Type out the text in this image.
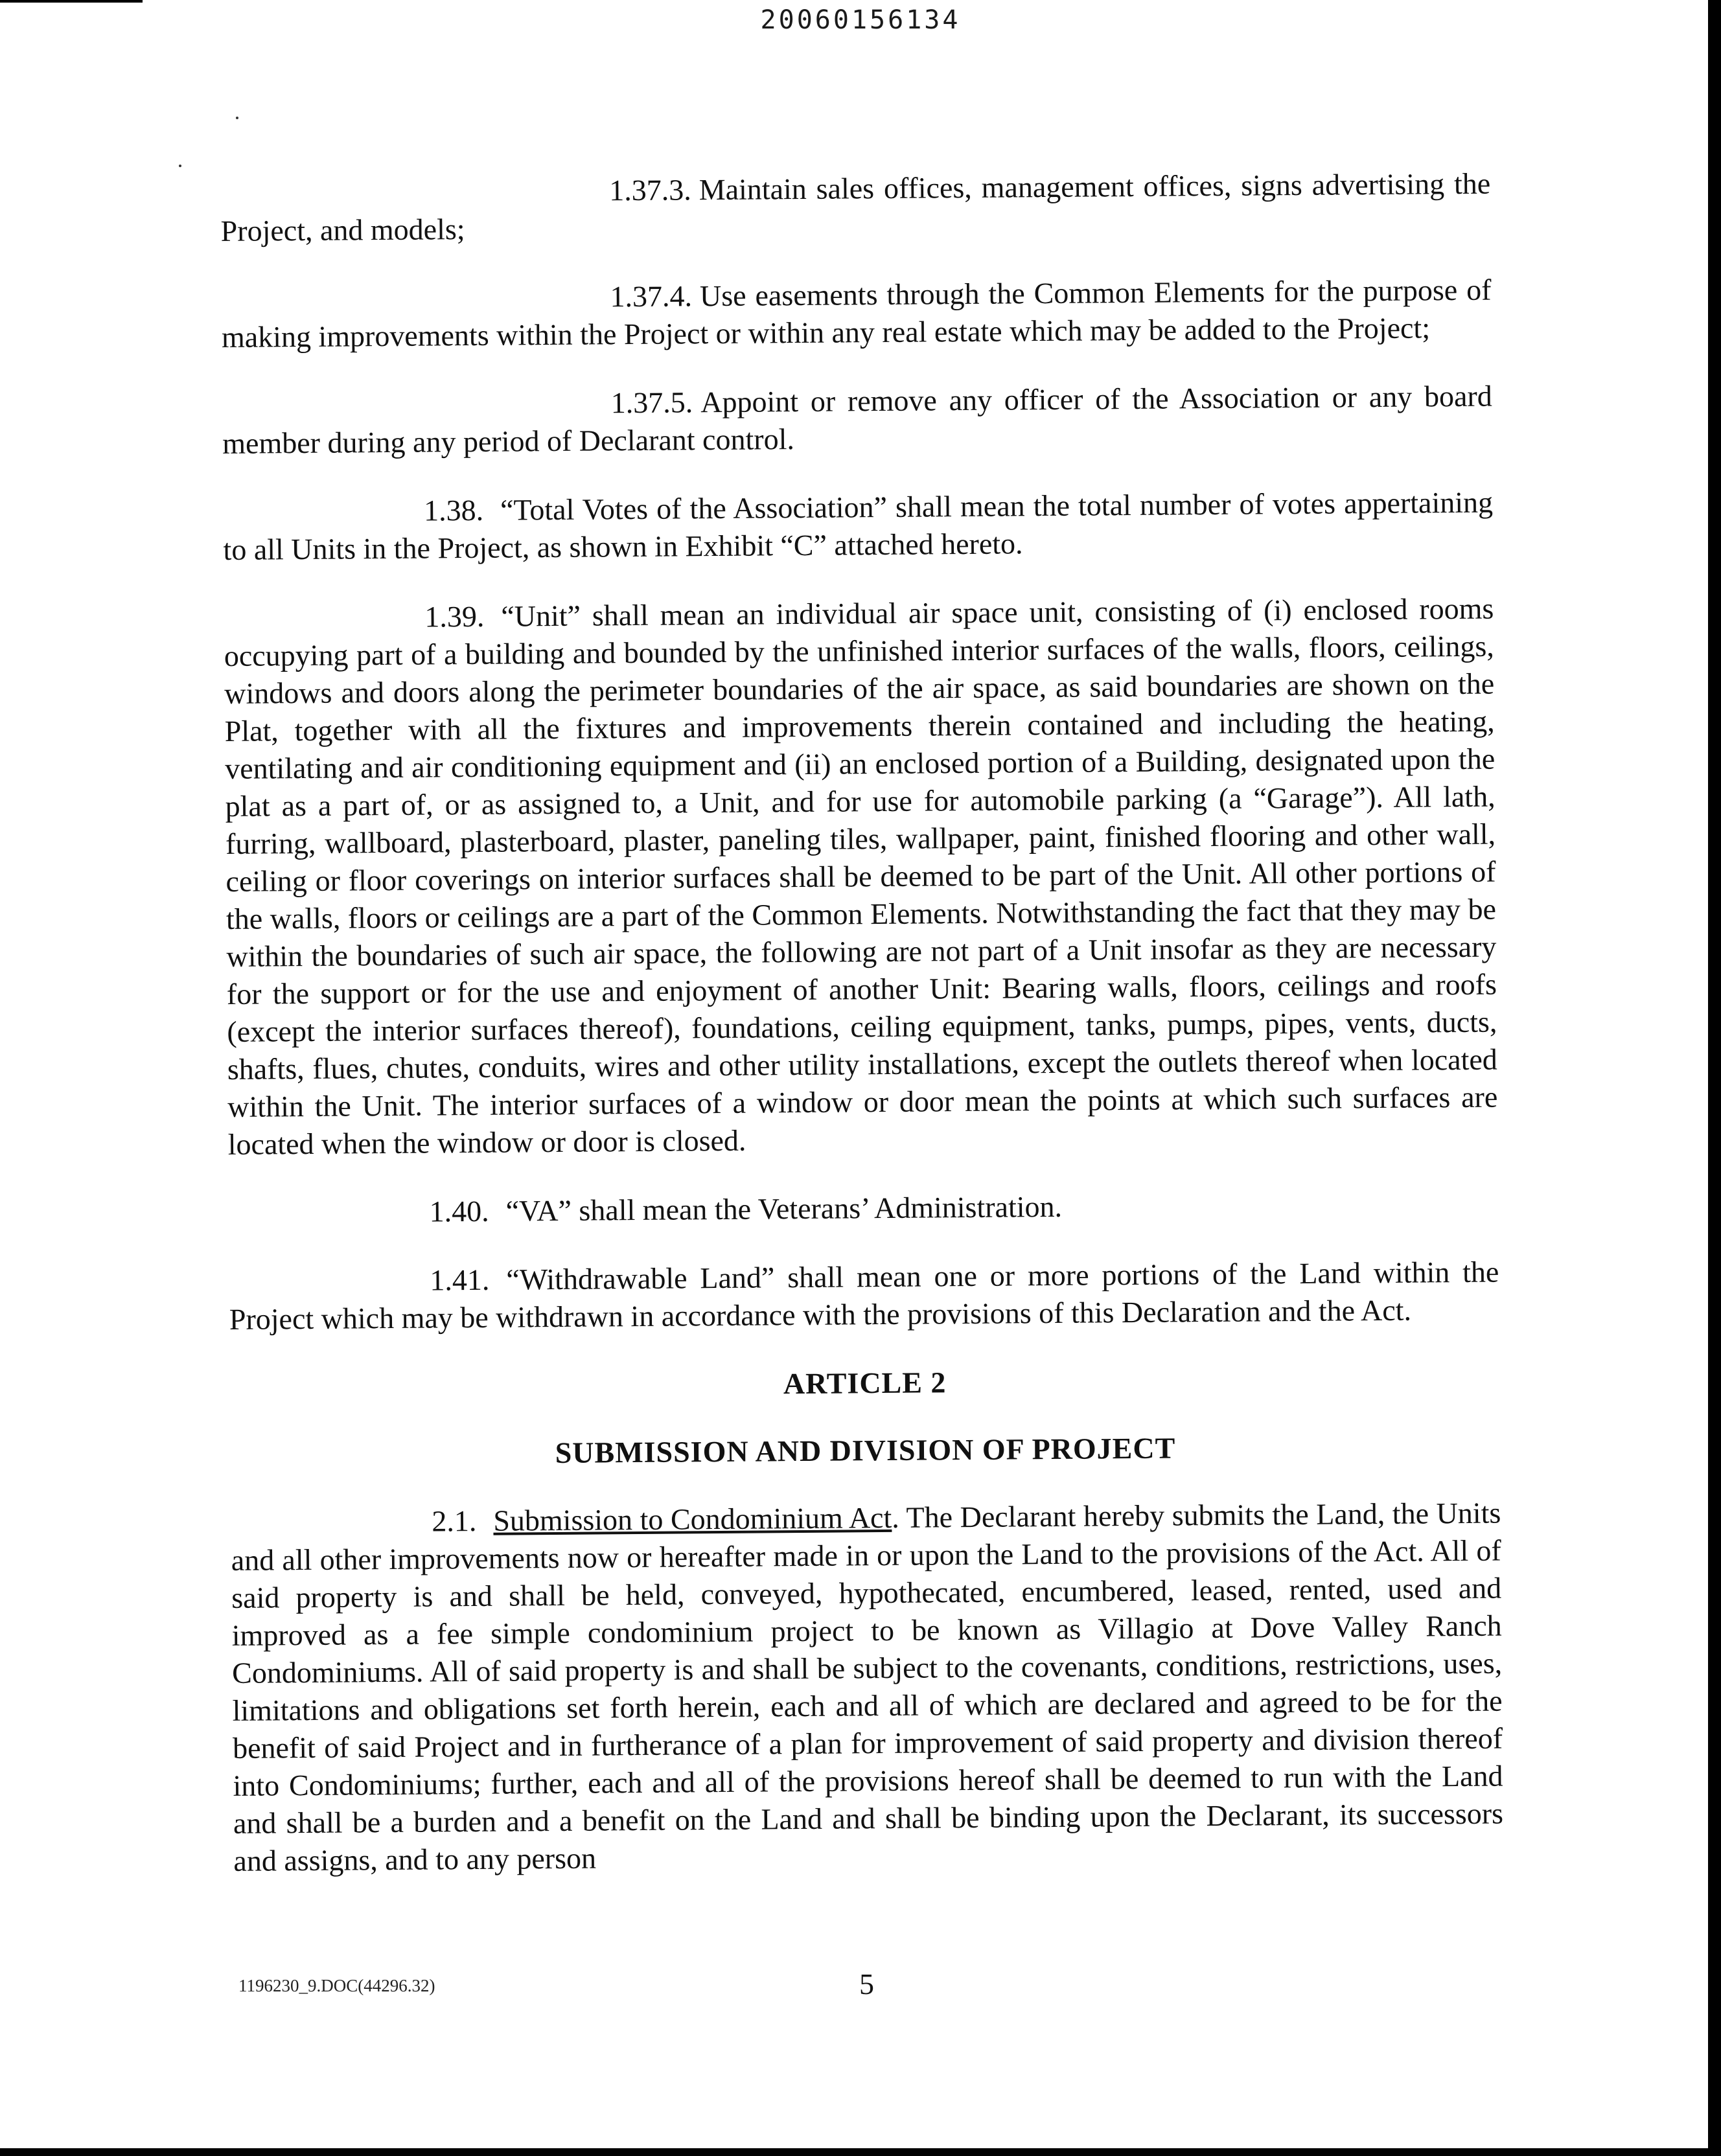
20060156134

1.37.3. Maintain sales offices, management offices, signs advertising the Project, and models;

1.37.4. Use easements through the Common Elements for the purpose of making improvements within the Project or within any real estate which may be added to the Project;

1.37.5. Appoint or remove any officer of the Association or any board member during any period of Declarant control.

1.38. “Total Votes of the Association” shall mean the total number of votes appertaining to all Units in the Project, as shown in Exhibit “C” attached hereto.

1.39. “Unit” shall mean an individual air space unit, consisting of (i) enclosed rooms occupying part of a building and bounded by the unfinished interior surfaces of the walls, floors, ceilings, windows and doors along the perimeter boundaries of the air space, as said boundaries are shown on the Plat, together with all the fixtures and improvements therein contained and including the heating, ventilating and air conditioning equipment and (ii) an enclosed portion of a Building, designated upon the plat as a part of, or as assigned to, a Unit, and for use for automobile parking (a “Garage”). All lath, furring, wallboard, plasterboard, plaster, paneling tiles, wallpaper, paint, finished flooring and other wall, ceiling or floor coverings on interior surfaces shall be deemed to be part of the Unit. All other portions of the walls, floors or ceilings are a part of the Common Elements. Notwithstanding the fact that they may be within the boundaries of such air space, the following are not part of a Unit insofar as they are necessary for the support or for the use and enjoyment of another Unit: Bearing walls, floors, ceilings and roofs (except the interior surfaces thereof), foundations, ceiling equipment, tanks, pumps, pipes, vents, ducts, shafts, flues, chutes, conduits, wires and other utility installations, except the outlets thereof when located within the Unit. The interior surfaces of a window or door mean the points at which such surfaces are located when the window or door is closed.

1.40. “VA” shall mean the Veterans’ Administration.

1.41. “Withdrawable Land” shall mean one or more portions of the Land within the Project which may be withdrawn in accordance with the provisions of this Declaration and the Act.

ARTICLE 2

SUBMISSION AND DIVISION OF PROJECT

2.1. Submission to Condominium Act. The Declarant hereby submits the Land, the Units and all other improvements now or hereafter made in or upon the Land to the provisions of the Act. All of said property is and shall be held, conveyed, hypothecated, encumbered, leased, rented, used and improved as a fee simple condominium project to be known as Villagio at Dove Valley Ranch Condominiums. All of said property is and shall be subject to the covenants, conditions, restrictions, uses, limitations and obligations set forth herein, each and all of which are declared and agreed to be for the benefit of said Project and in furtherance of a plan for improvement of said property and division thereof into Condominiums; further, each and all of the provisions hereof shall be deemed to run with the Land and shall be a burden and a benefit on the Land and shall be binding upon the Declarant, its successors and assigns, and to any person

1196230_9.DOC(44296.32)	5
